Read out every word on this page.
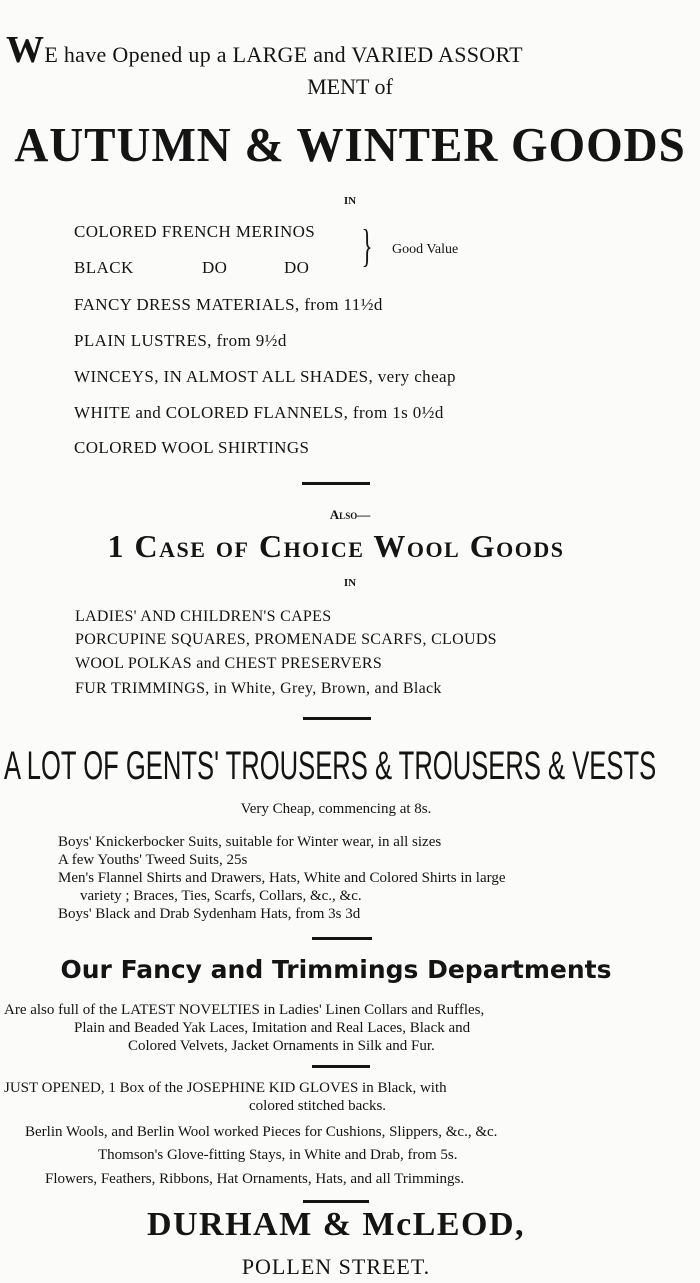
WE have Opened up a LARGE and VARIED ASSORT
MENT of
AUTUMN & WINTER GOODS
IN
COLORED FRENCH MERINOS
BLACK	DO	DO } Good Value
FANCY DRESS MATERIALS, from 11½d
PLAIN LUSTRES, from 9½d
WINCEYS, IN ALMOST ALL SHADES, very cheap
WHITE and COLORED FLANNELS, from 1s 0½d
COLORED WOOL SHIRTINGS
Also—
1 Case of Choice Wool Goods
IN
LADIES' AND CHILDREN'S CAPES
PORCUPINE SQUARES, PROMENADE SCARFS, CLOUDS
WOOL POLKAS and CHEST PRESERVERS
FUR TRIMMINGS, in White, Grey, Brown, and Black
A LOT OF GENTS' TROUSERS & TROUSERS & VESTS
Very Cheap, commencing at 8s.
Boys' Knickerbocker Suits, suitable for Winter wear, in all sizes
A few Youths' Tweed Suits, 25s
Men's Flannel Shirts and Drawers, Hats, White and Colored Shirts in large
variety ; Braces, Ties, Scarfs, Collars, &c., &c.
Boys' Black and Drab Sydenham Hats, from 3s 3d
Our Fancy and Trimmings Departments
Are also full of the LATEST NOVELTIES in Ladies' Linen Collars and Ruffles,
Plain and Beaded Yak Laces, Imitation and Real Laces, Black and
Colored Velvets, Jacket Ornaments in Silk and Fur.
JUST OPENED, 1 Box of the JOSEPHINE KID GLOVES in Black, with
colored stitched backs.
Berlin Wools, and Berlin Wool worked Pieces for Cushions, Slippers, &c., &c.
Thomson's Glove-fitting Stays, in White and Drab, from 5s.
Flowers, Feathers, Ribbons, Hat Ornaments, Hats, and all Trimmings.
DURHAM & McLEOD,
POLLEN STREET.
